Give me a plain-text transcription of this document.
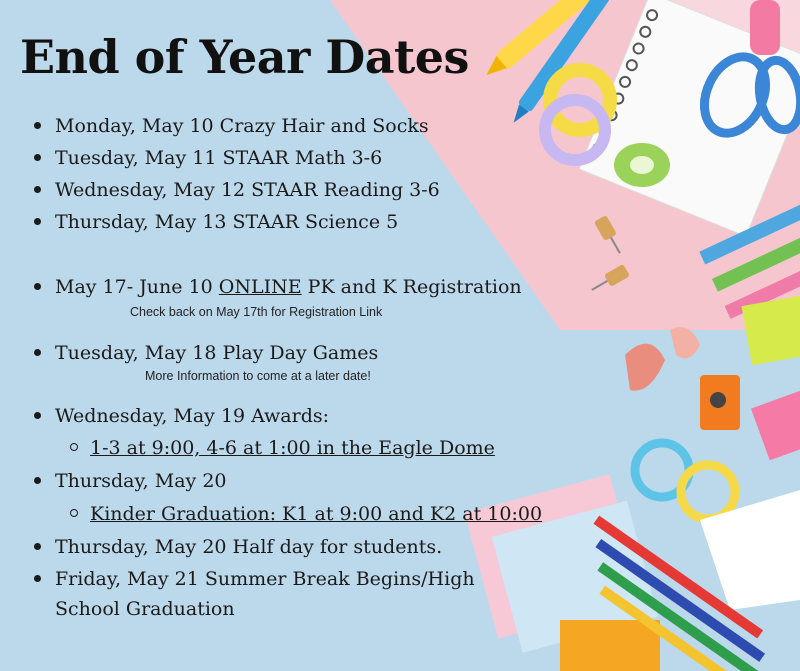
End of Year Dates
Monday, May 10 Crazy Hair and Socks
Tuesday, May 11 STAAR Math 3-6
Wednesday, May 12 STAAR Reading 3-6
Thursday, May 13 STAAR Science 5
May 17- June 10 ONLINE PK and K Registration
Check back on May 17th for Registration Link
Tuesday, May 18 Play Day Games
More Information to come at a later date!
Wednesday, May 19 Awards:
1-3 at 9:00, 4-6 at 1:00 in the Eagle Dome
Thursday, May 20
Kinder Graduation: K1 at 9:00 and K2 at 10:00
Thursday, May 20 Half day for students.
Friday, May 21 Summer Break Begins/High
School Graduation
